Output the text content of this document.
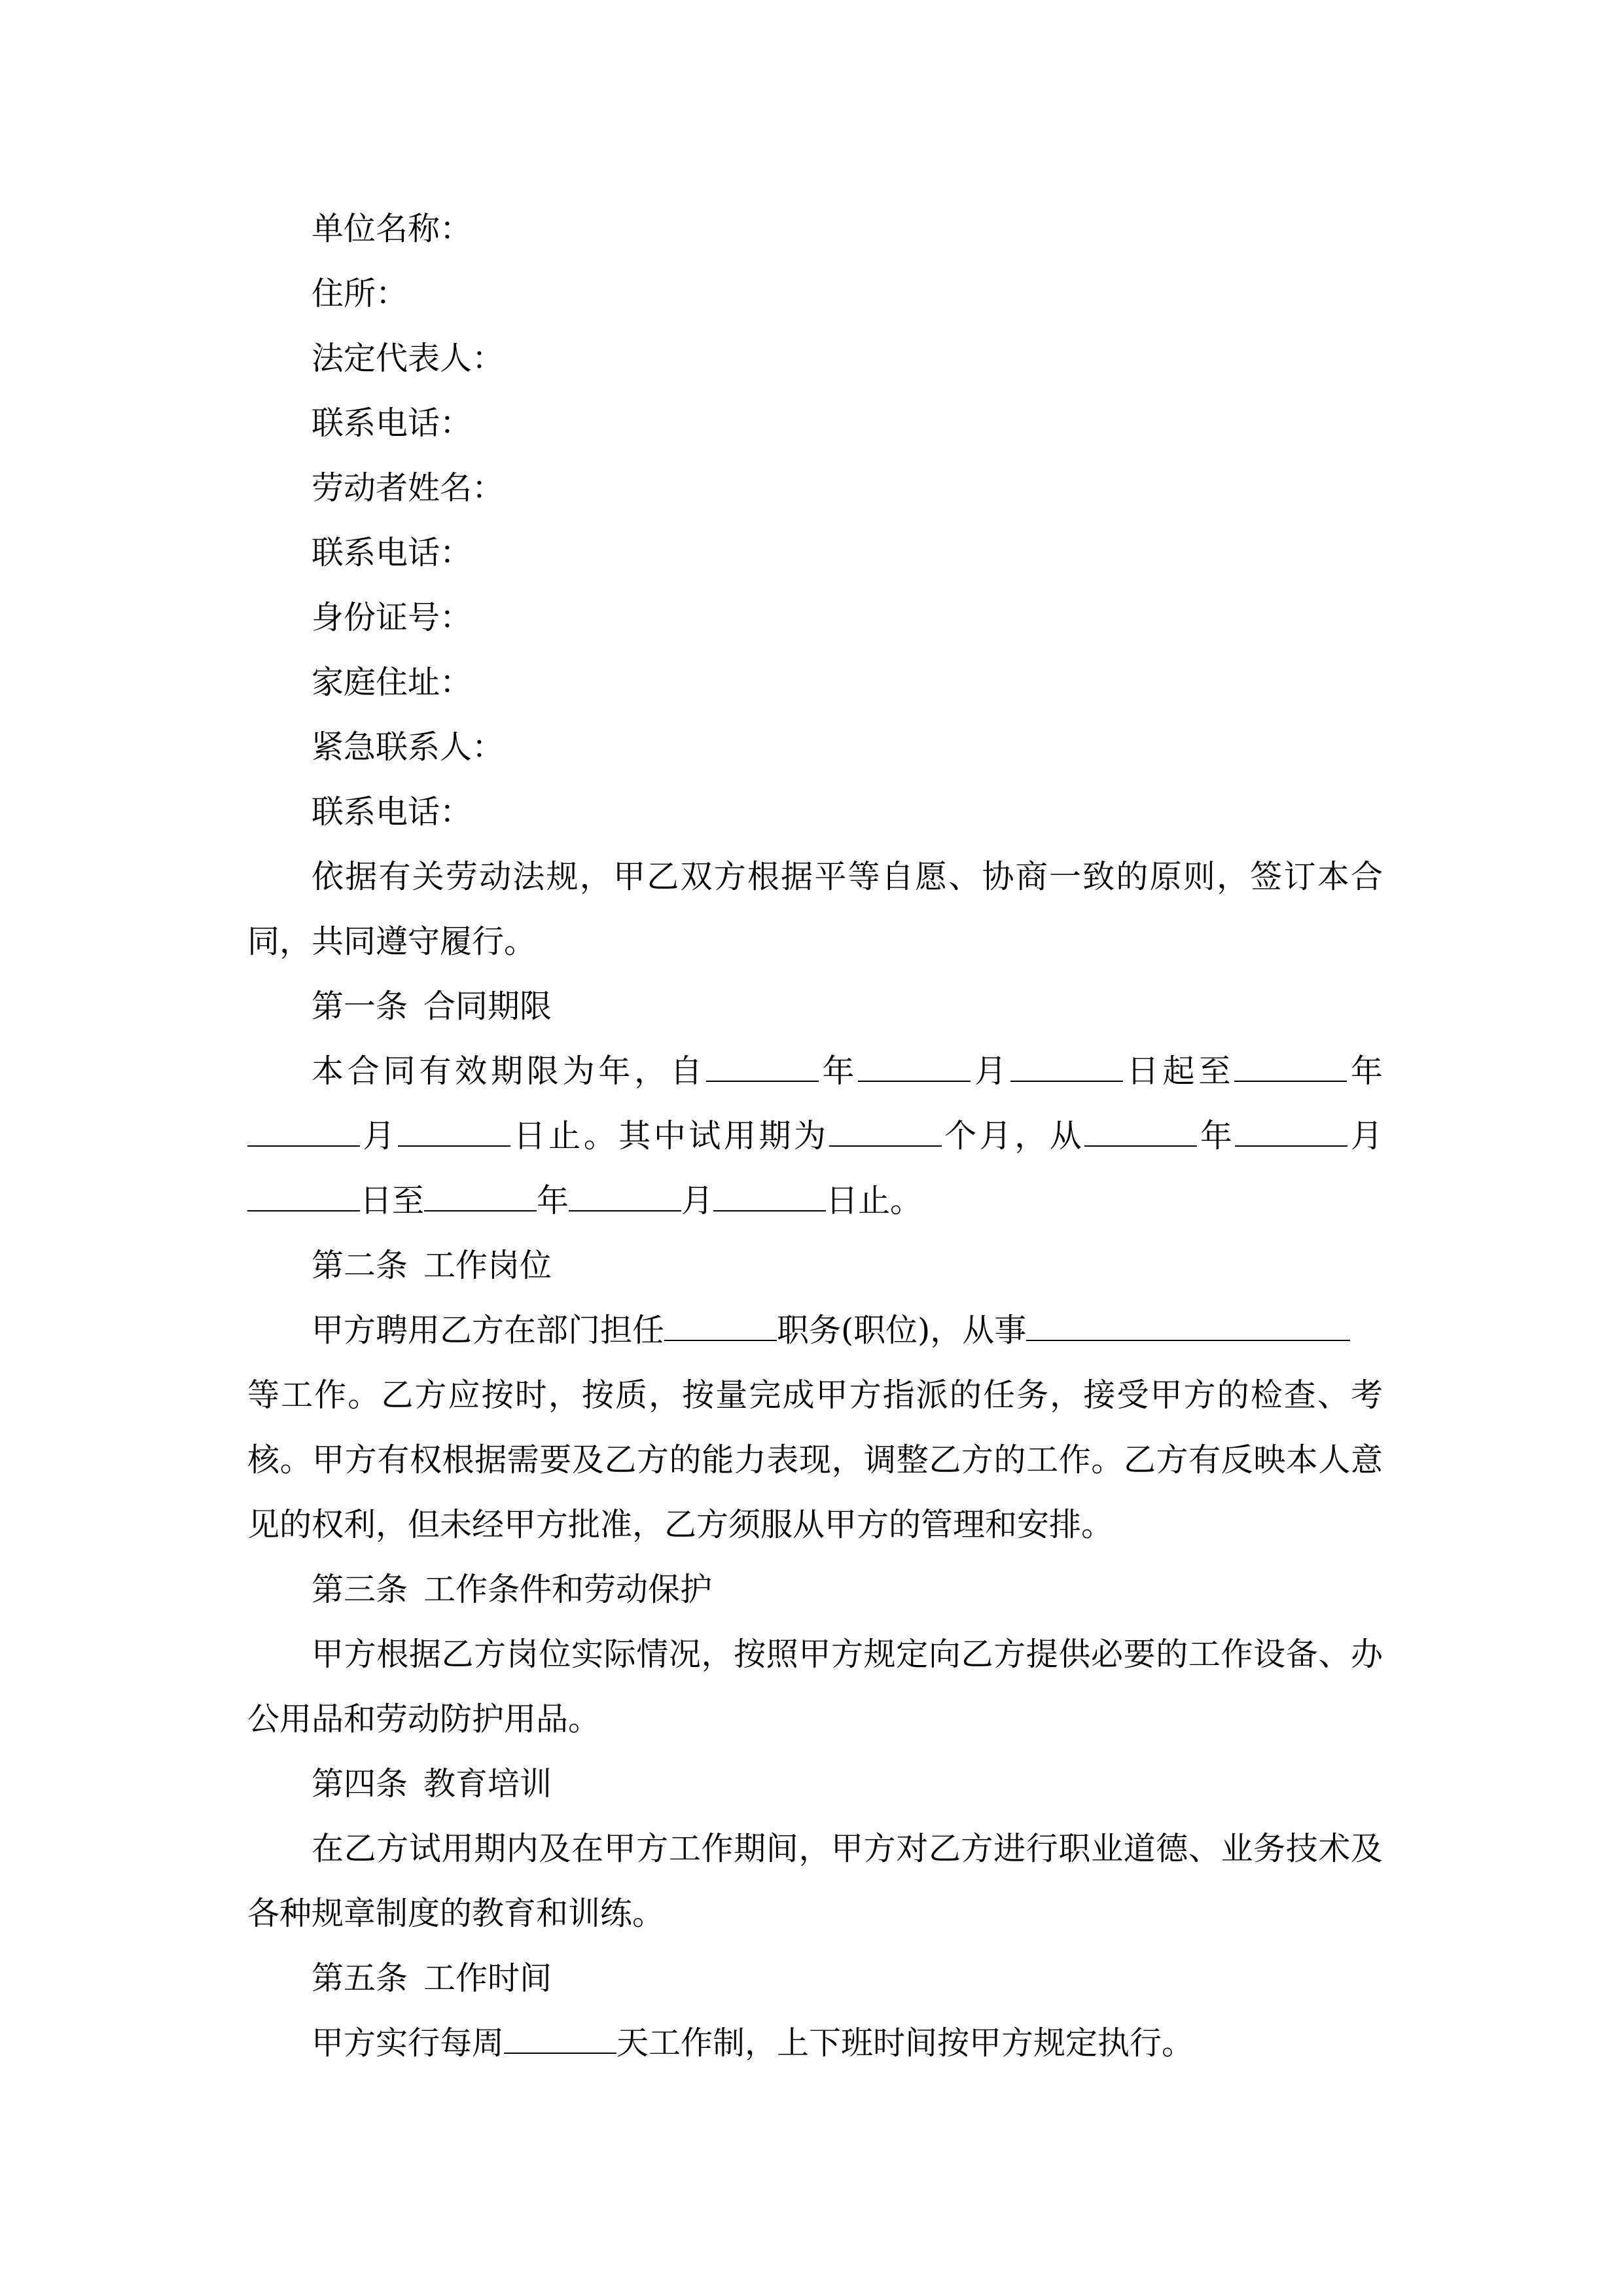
单位名称：
住所：
法定代表人：
联系电话：
劳动者姓名：
联系电话：
身份证号：
家庭住址：
紧急联系人：
联系电话：
依据有关劳动法规，甲乙双方根据平等自愿、协商一致的原则，签订本合同，共同遵守履行。
第一条 合同期限
本合同有效期限为年，自	年	月	日起至	年月	日止。其中试用期为	个月，从	年	月
日至	年	月	日止。
第二条 工作岗位
甲方聘用乙方在部门担任	职务(职位)，从事
等工作。乙方应按时，按质，按量完成甲方指派的任务，接受甲方的检查、考核。甲方有权根据需要及乙方的能力表现，调整乙方的工作。乙方有反映本人意见的权利，但未经甲方批准，乙方须服从甲方的管理和安排。
第三条 工作条件和劳动保护
甲方根据乙方岗位实际情况，按照甲方规定向乙方提供必要的工作设备、办公用品和劳动防护用品。
第四条 教育培训
在乙方试用期内及在甲方工作期间，甲方对乙方进行职业道德、业务技术及各种规章制度的教育和训练。
第五条 工作时间
甲方实行每周	天工作制，上下班时间按甲方规定执行。
